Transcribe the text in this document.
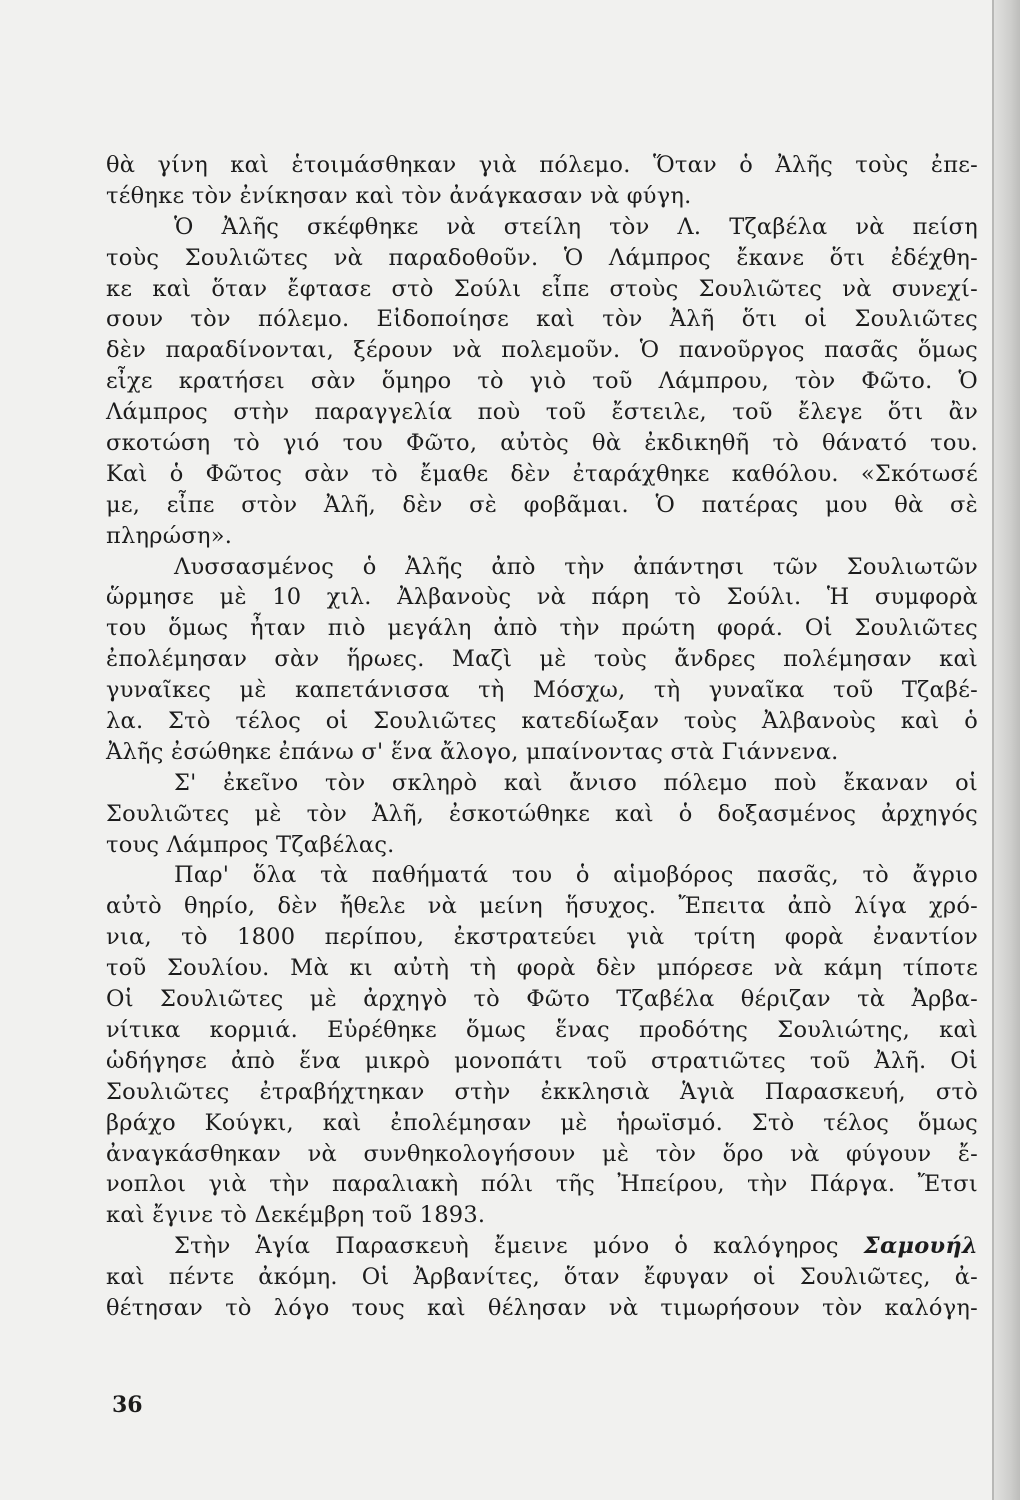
θὰ γίνη καὶ ἑτοιμάσθηκαν γιὰ πόλεμο. Ὅταν ὁ Ἀλῆς τοὺς ἐπε-
τέθηκε τὸν ἐνίκησαν καὶ τὸν ἀνάγκασαν νὰ φύγη.
Ὁ Ἀλῆς σκέφθηκε νὰ στείλη τὸν Λ. Τζαβέλα νὰ πείση
τοὺς Σουλιῶτες νὰ παραδοθοῦν. Ὁ Λάμπρος ἔκανε ὅτι ἐδέχθη-
κε καὶ ὅταν ἔφτασε στὸ Σούλι εἶπε στοὺς Σουλιῶτες νὰ συνεχί-
σουν τὸν πόλεμο. Εἰδοποίησε καὶ τὸν Ἀλῆ ὅτι οἱ Σουλιῶτες
δὲν παραδίνονται, ξέρουν νὰ πολεμοῦν. Ὁ πανοῦργος πασᾶς ὅμως
εἶχε κρατήσει σὰν ὅμηρο τὸ γιὸ τοῦ Λάμπρου, τὸν Φῶτο. Ὁ
Λάμπρος στὴν παραγγελία ποὺ τοῦ ἔστειλε, τοῦ ἔλεγε ὅτι ἂν
σκοτώση τὸ γιό του Φῶτο, αὐτὸς θὰ ἐκδικηθῆ τὸ θάνατό του.
Καὶ ὁ Φῶτος σὰν τὸ ἔμαθε δὲν ἐταράχθηκε καθόλου. «Σκότωσέ
με, εἶπε στὸν Ἀλῆ, δὲν σὲ φοβᾶμαι. Ὁ πατέρας μου θὰ σὲ
πληρώση».
Λυσσασμένος ὁ Ἀλῆς ἀπὸ τὴν ἀπάντησι τῶν Σουλιωτῶν
ὥρμησε μὲ 10 χιλ. Ἀλβανοὺς νὰ πάρη τὸ Σούλι. Ἡ συμφορὰ
του ὅμως ἦταν πιὸ μεγάλη ἀπὸ τὴν πρώτη φορά. Οἱ Σουλιῶτες
ἐπολέμησαν σὰν ἥρωες. Μαζὶ μὲ τοὺς ἄνδρες πολέμησαν καὶ
γυναῖκες μὲ καπετάνισσα τὴ Μόσχω, τὴ γυναῖκα τοῦ Τζαβέ-
λα. Στὸ τέλος οἱ Σουλιῶτες κατεδίωξαν τοὺς Ἀλβανοὺς καὶ ὁ
Ἀλῆς ἐσώθηκε ἐπάνω σ' ἕνα ἄλογο, μπαίνοντας στὰ Γιάννενα.
Σ' ἐκεῖνο τὸν σκληρὸ καὶ ἄνισο πόλεμο ποὺ ἔκαναν οἱ
Σουλιῶτες μὲ τὸν Ἀλῆ, ἐσκοτώθηκε καὶ ὁ δοξασμένος ἀρχηγός
τους Λάμπρος Τζαβέλας.
Παρ' ὅλα τὰ παθήματά του ὁ αἱμοβόρος πασᾶς, τὸ ἄγριο
αὐτὸ θηρίο, δὲν ἤθελε νὰ μείνη ἥσυχος. Ἔπειτα ἀπὸ λίγα χρό-
νια, τὸ 1800 περίπου, ἐκστρατεύει γιὰ τρίτη φορὰ ἐναντίον
τοῦ Σουλίου. Μὰ κι αὐτὴ τὴ φορὰ δὲν μπόρεσε νὰ κάμη τίποτε
Οἱ Σουλιῶτες μὲ ἀρχηγὸ τὸ Φῶτο Τζαβέλα θέριζαν τὰ Ἀρβα-
νίτικα κορμιά. Εὑρέθηκε ὅμως ἕνας προδότης Σουλιώτης, καὶ
ὡδήγησε ἀπὸ ἕνα μικρὸ μονοπάτι τοῦ στρατιῶτες τοῦ Ἀλῆ. Οἱ
Σουλιῶτες ἐτραβήχτηκαν στὴν ἐκκλησιὰ Ἁγιὰ Παρασκευή, στὸ
βράχο Κούγκι, καὶ ἐπολέμησαν μὲ ἡρωϊσμό. Στὸ τέλος ὅμως
ἀναγκάσθηκαν νὰ συνθηκολογήσουν μὲ τὸν ὅρο νὰ φύγουν ἔ-
νοπλοι γιὰ τὴν παραλιακὴ πόλι τῆς Ἠπείρου, τὴν Πάργα. Ἔτσι
καὶ ἔγινε τὸ Δεκέμβρη τοῦ 1893.
Στὴν Ἁγία Παρασκευὴ ἔμεινε μόνο ὁ καλόγηρος Σαμουήλ
καὶ πέντε ἀκόμη. Οἱ Ἀρβανίτες, ὅταν ἔφυγαν οἱ Σουλιῶτες, ἀ-
θέτησαν τὸ λόγο τους καὶ θέλησαν νὰ τιμωρήσουν τὸν καλόγη-
36
